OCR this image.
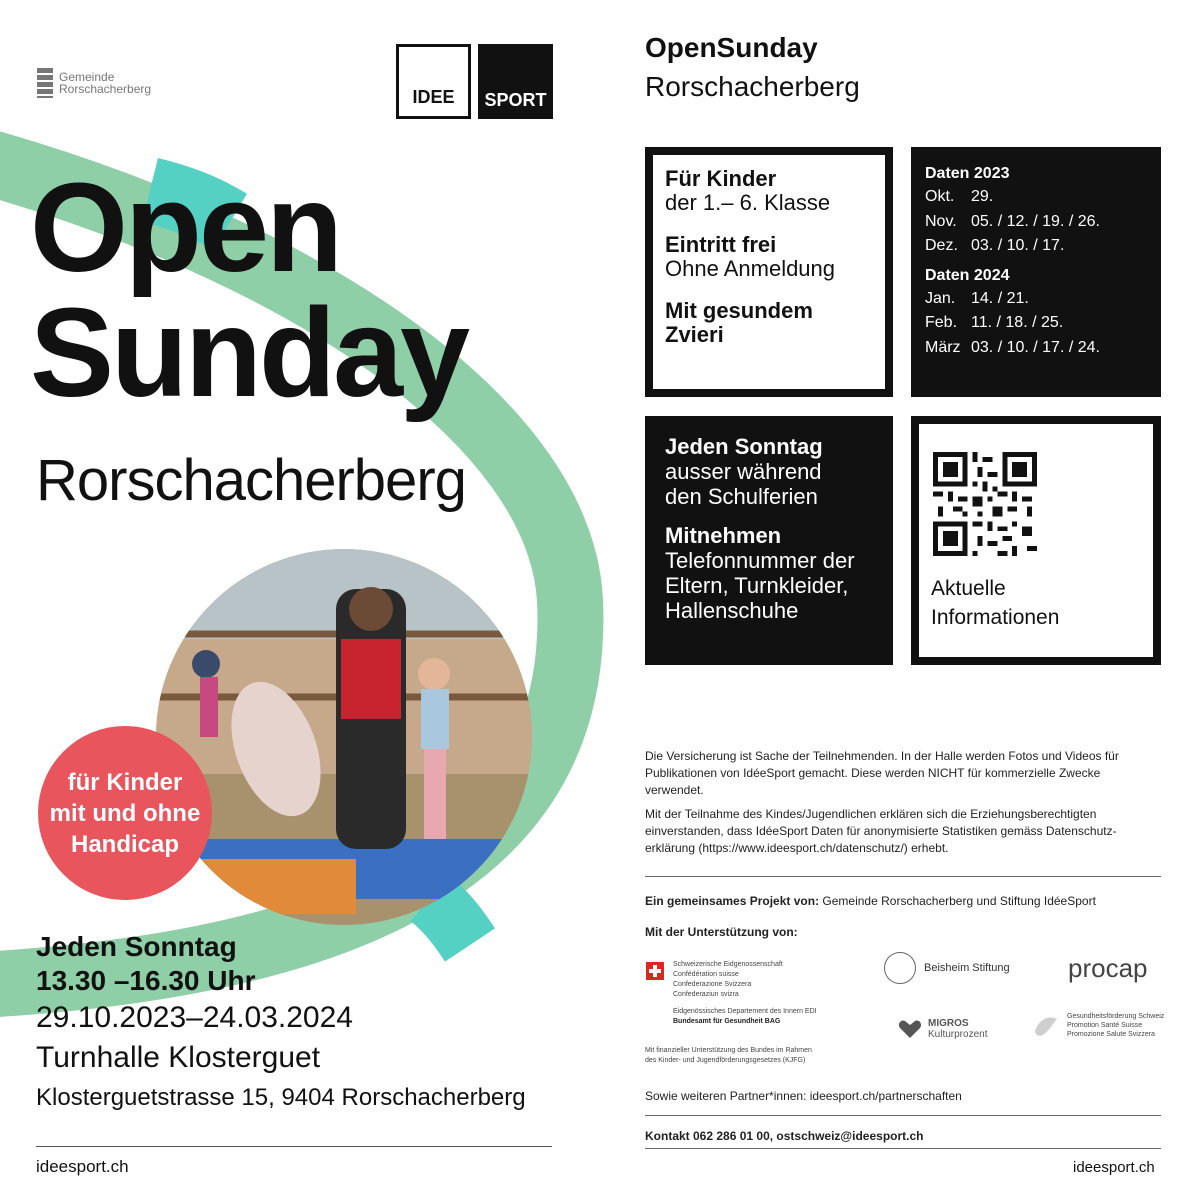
Gemeinde
Rorschacherberg	IDEE	SPORT
Open
Sunday
Rorschacherberg
für Kinder
mit und ohne
Handicap
Jeden Sonntag
13.30 –16.30 Uhr
29.10.2023–24.03.2024
Turnhalle Klosterguet
Klosterguetstrasse 15, 9404 Rorschacherberg
ideesport.ch
OpenSunday
Rorschacherberg
Für Kinder
der 1.– 6. Klasse
Eintritt frei
Ohne Anmeldung
Mit gesundem
Zvieri
Daten 2023
Okt.	29.
Nov. 05. / 12. / 19. / 26.
Dez. 03. / 10. / 17.
Daten 2024
Jan. 14. / 21.
Feb. 11. / 18. / 25.
März 03. / 10. / 17. / 24.
Jeden Sonntag
ausser während
den Schulferien
Mitnehmen
Telefonnummer der
Eltern, Turnkleider,
Hallenschuhe
Aktuelle
Informationen
Die Versicherung ist Sache der Teilnehmenden. In der Halle werden Fotos und Videos für Publikationen von IdéeSport gemacht. Diese werden NICHT für kommerzielle Zwecke verwendet.
Mit der Teilnahme des Kindes/Jugendlichen erklären sich die Erziehungsberechtigten einverstanden, dass IdéeSport Daten für anonymisierte Statistiken gemäss Datenschutz-erklärung (https://www.ideesport.ch/datenschutz/) erhebt.
Ein gemeinsames Projekt von: Gemeinde Rorschacherberg und Stiftung IdéeSport
Mit der Unterstützung von:
Schweizerische Eidgenossenschaft
Confédération suisse
Confederazione Svizzera
Confederaziun svizra
Eidgenössisches Departement des Innern EDI
Bundesamt für Gesundheit BAG
Mit finanzieller Unterstützung des Bundes im Rahmen
des Kinder- und Jugendförderungsgesetzes (KJFG)
Beisheim Stiftung procap
MIGROS
Kulturprozent
Gesundheitsförderung Schweiz
Promotion Santé Suisse
Promozione Salute Svizzera
Sowie weiteren Partner*innen: ideesport.ch/partnerschaften
Kontakt 062 286 01 00, ostschweiz@ideesport.ch
ideesport.ch
